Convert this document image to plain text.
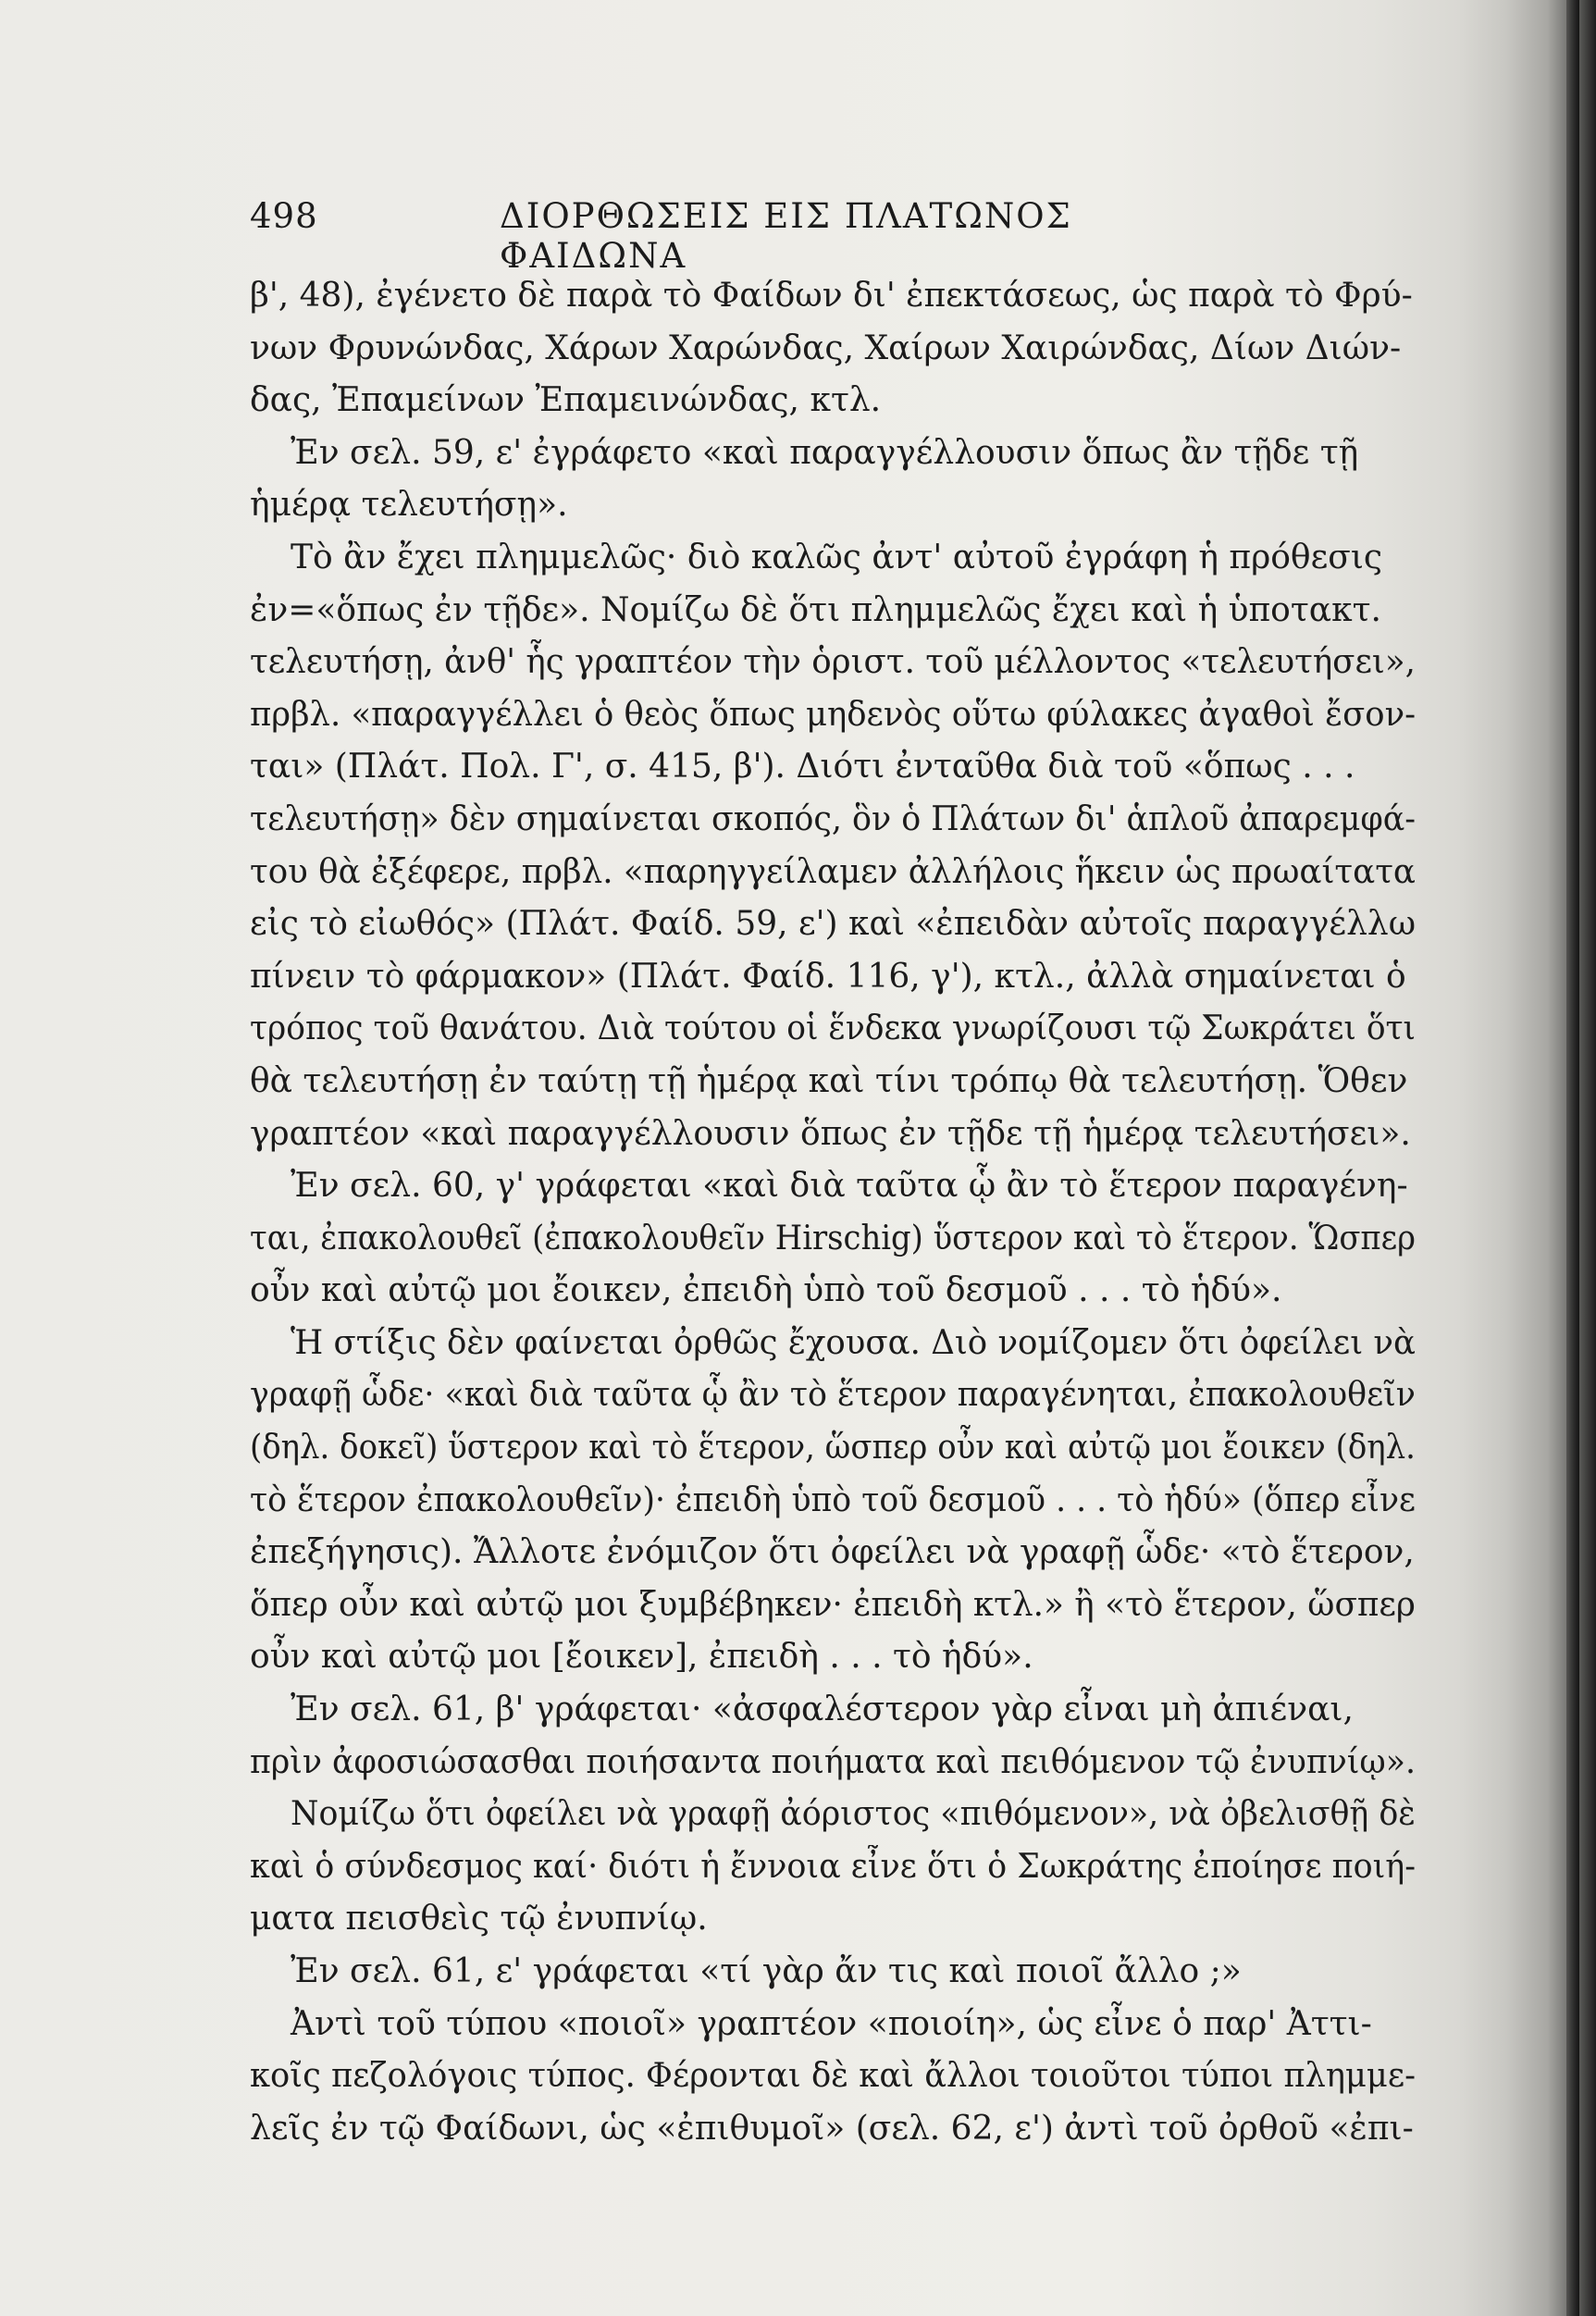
498	ΔΙΟΡΘΩΣΕΙΣ ΕΙΣ ΠΛΑΤΩΝΟΣ ΦΑΙΔΩΝΑ
β', 48), ἐγένετο δὲ παρὰ τὸ Φαίδων δι' ἐπεκτάσεως, ὡς παρὰ τὸ Φρύ-
νων Φρυνώνδας, Χάρων Χαρώνδας, Χαίρων Χαιρώνδας, Δίων Διών-
δας, Ἐπαμείνων Ἐπαμεινώνδας, κτλ.
Ἐν σελ. 59, ε' ἐγράφετο «καὶ παραγγέλλουσιν ὅπως ἂν τῇδε τῇ
ἡμέρᾳ τελευτήσῃ».
Τὸ ἂν ἔχει πλημμελῶς· διὸ καλῶς ἀντ' αὐτοῦ ἐγράφη ἡ πρόθεσις
ἐν=«ὅπως ἐν τῇδε». Νομίζω δὲ ὅτι πλημμελῶς ἔχει καὶ ἡ ὑποτακτ.
τελευτήσῃ, ἀνθ' ἧς γραπτέον τὴν ὁριστ. τοῦ μέλλοντος «τελευτήσει»,
πρβλ. «παραγγέλλει ὁ θεὸς ὅπως μηδενὸς οὕτω φύλακες ἀγαθοὶ ἔσον-
ται» (Πλάτ. Πολ. Γ', σ. 415, β'). Διότι ἐνταῦθα διὰ τοῦ «ὅπως . . .
τελευτήσῃ» δὲν σημαίνεται σκοπός, ὃν ὁ Πλάτων δι' ἁπλοῦ ἀπαρεμφά-
του θὰ ἐξέφερε, πρβλ. «παρηγγείλαμεν ἀλλήλοις ἥκειν ὡς πρωαίτατα
εἰς τὸ εἰωθός» (Πλάτ. Φαίδ. 59, ε') καὶ «ἐπειδὰν αὐτοῖς παραγγέλλω
πίνειν τὸ φάρμακον» (Πλάτ. Φαίδ. 116, γ'), κτλ., ἀλλὰ σημαίνεται ὁ
τρόπος τοῦ θανάτου. Διὰ τούτου οἱ ἕνδεκα γνωρίζουσι τῷ Σωκράτει ὅτι
θὰ τελευτήσῃ ἐν ταύτῃ τῇ ἡμέρᾳ καὶ τίνι τρόπῳ θὰ τελευτήσῃ. Ὅθεν
γραπτέον «καὶ παραγγέλλουσιν ὅπως ἐν τῇδε τῇ ἡμέρᾳ τελευτήσει».
Ἐν σελ. 60, γ' γράφεται «καὶ διὰ ταῦτα ᾧ ἂν τὸ ἕτερον παραγένη-
ται, ἐπακολουθεῖ (ἐπακολουθεῖν Hirschig) ὕστερον καὶ τὸ ἕτερον. Ὥσπερ
οὖν καὶ αὐτῷ μοι ἔοικεν, ἐπειδὴ ὑπὸ τοῦ δεσμοῦ . . . τὸ ἡδύ».
Ἡ στίξις δὲν φαίνεται ὀρθῶς ἔχουσα. Διὸ νομίζομεν ὅτι ὀφείλει νὰ
γραφῇ ὧδε· «καὶ διὰ ταῦτα ᾧ ἂν τὸ ἕτερον παραγένηται, ἐπακολουθεῖν
(δηλ. δοκεῖ) ὕστερον καὶ τὸ ἕτερον, ὥσπερ οὖν καὶ αὐτῷ μοι ἔοικεν (δηλ.
τὸ ἕτερον ἐπακολουθεῖν)· ἐπειδὴ ὑπὸ τοῦ δεσμοῦ . . . τὸ ἡδύ» (ὅπερ εἶνε
ἐπεξήγησις). Ἄλλοτε ἐνόμιζον ὅτι ὀφείλει νὰ γραφῇ ὧδε· «τὸ ἕτερον,
ὅπερ οὖν καὶ αὐτῷ μοι ξυμβέβηκεν· ἐπειδὴ κτλ.» ἢ «τὸ ἕτερον, ὥσπερ
οὖν καὶ αὐτῷ μοι [ἔοικεν], ἐπειδὴ . . . τὸ ἡδύ».
Ἐν σελ. 61, β' γράφεται· «ἀσφαλέστερον γὰρ εἶναι μὴ ἀπιέναι,
πρὶν ἀφοσιώσασθαι ποιήσαντα ποιήματα καὶ πειθόμενον τῷ ἐνυπνίῳ».
Νομίζω ὅτι ὀφείλει νὰ γραφῇ ἀόριστος «πιθόμενον», νὰ ὀβελισθῇ δὲ
καὶ ὁ σύνδεσμος καί· διότι ἡ ἔννοια εἶνε ὅτι ὁ Σωκράτης ἐποίησε ποιή-
ματα πεισθεὶς τῷ ἐνυπνίῳ.
Ἐν σελ. 61, ε' γράφεται «τί γὰρ ἄν τις καὶ ποιοῖ ἄλλο ;»
Ἀντὶ τοῦ τύπου «ποιοῖ» γραπτέον «ποιοίη», ὡς εἶνε ὁ παρ' Ἀττι-
κοῖς πεζολόγοις τύπος. Φέρονται δὲ καὶ ἄλλοι τοιοῦτοι τύποι πλημμε-
λεῖς ἐν τῷ Φαίδωνι, ὡς «ἐπιθυμοῖ» (σελ. 62, ε') ἀντὶ τοῦ ὀρθοῦ «ἐπι-
